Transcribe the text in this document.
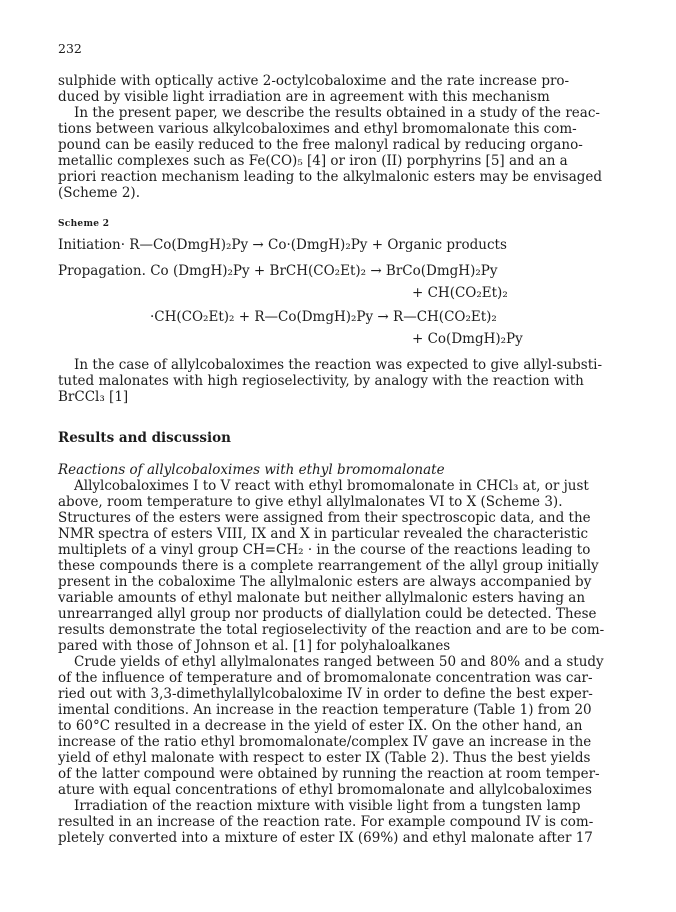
232
sulphide with optically active 2-octylcobaloxime and the rate increase pro-
duced by visible light irradiation are in agreement with this mechanism
In the present paper, we describe the results obtained in a study of the reac-
tions between various alkylcobaloximes and ethyl bromomalonate this com-
pound can be easily reduced to the free malonyl radical by reducing organo-
metallic complexes such as Fe(CO)₅ [4] or iron (II) porphyrins [5] and an a
priori reaction mechanism leading to the alkylmalonic esters may be envisaged
(Scheme 2).
Scheme 2
Initiation· R—Co(DmgH)₂Py → Co·(DmgH)₂Py + Organic products
Propagation. Co (DmgH)₂Py + BrCH(CO₂Et)₂ → BrCo(DmgH)₂Py
+ CH(CO₂Et)₂
·CH(CO₂Et)₂ + R—Co(DmgH)₂Py → R—CH(CO₂Et)₂
+ Co(DmgH)₂Py
In the case of allylcobaloximes the reaction was expected to give allyl-substi-
tuted malonates with high regioselectivity, by analogy with the reaction with
BrCCl₃ [1]
Results and discussion
Reactions of allylcobaloximes with ethyl bromomalonate
Allylcobaloximes I to V react with ethyl bromomalonate in CHCl₃ at, or just
above, room temperature to give ethyl allylmalonates VI to X (Scheme 3).
Structures of the esters were assigned from their spectroscopic data, and the
NMR spectra of esters VIII, IX and X in particular revealed the characteristic
multiplets of a vinyl group CH=CH₂ · in the course of the reactions leading to
these compounds there is a complete rearrangement of the allyl group initially
present in the cobaloxime The allylmalonic esters are always accompanied by
variable amounts of ethyl malonate but neither allylmalonic esters having an
unrearranged allyl group nor products of diallylation could be detected. These
results demonstrate the total regioselectivity of the reaction and are to be com-
pared with those of Johnson et al. [1] for polyhaloalkanes
Crude yields of ethyl allylmalonates ranged between 50 and 80% and a study
of the influence of temperature and of bromomalonate concentration was car-
ried out with 3,3-dimethylallylcobaloxime IV in order to define the best exper-
imental conditions. An increase in the reaction temperature (Table 1) from 20
to 60°C resulted in a decrease in the yield of ester IX. On the other hand, an
increase of the ratio ethyl bromomalonate/complex IV gave an increase in the
yield of ethyl malonate with respect to ester IX (Table 2). Thus the best yields
of the latter compound were obtained by running the reaction at room temper-
ature with equal concentrations of ethyl bromomalonate and allylcobaloximes
Irradiation of the reaction mixture with visible light from a tungsten lamp
resulted in an increase of the reaction rate. For example compound IV is com-
pletely converted into a mixture of ester IX (69%) and ethyl malonate after 17
